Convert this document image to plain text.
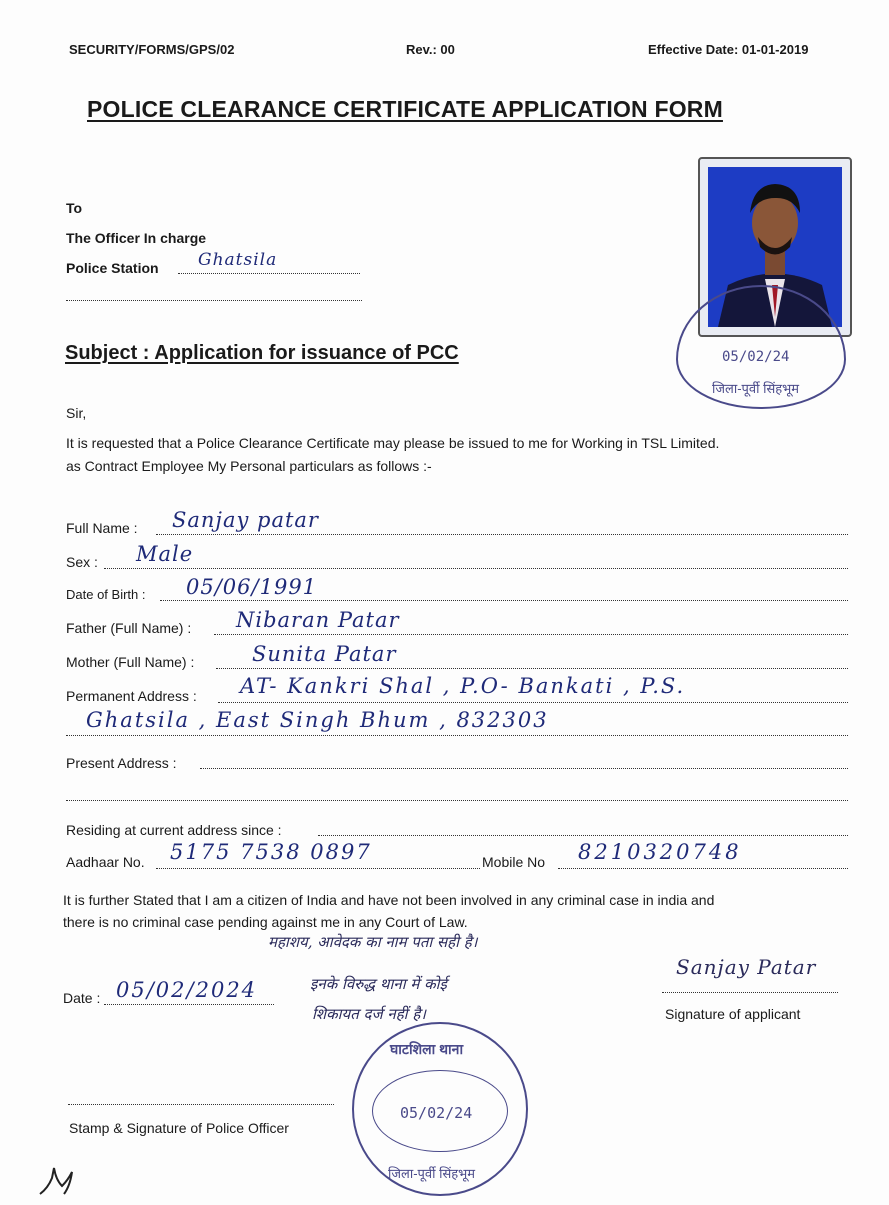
SECURITY/FORMS/GPS/02	Rev.: 00	Effective Date: 01-01-2019
POLICE CLEARANCE CERTIFICATE APPLICATION FORM
To
The Officer In charge
Police Station Ghatsila
05/02/24
जिला-पूर्वी सिंहभूम
Subject : Application for issuance of PCC
Sir,
It is requested that a Police Clearance Certificate may please be issued to me for Working in TSL Limited.
as Contract Employee My Personal particulars as follows :-
Full Name : Sanjay patar
Sex : Male
Date of Birth : 05/06/1991
Father (Full Name) : Nibaran Patar
Mother (Full Name) :	Sunita Patar
Permanent Address : AT- Kankri Shal , P.O- Bankati , P.S.
Ghatsila , East Singh Bhum , 832303
Present Address :
Residing at current address since :
Aadhaar No. 5175 7538 0897	Mobile No 8210320748
It is further Stated that I am a citizen of India and have not been involved in any criminal case in india and
there is no criminal case pending against me in any Court of Law.
महाशय, आवेदक का नाम पता सही है।
इनके विरुद्ध थाना में कोई
शिकायत दर्ज नहीं है।
Date : 05/02/2024
Sanjay Patar
Signature of applicant
घाटशिला थाना
05/02/24
जिला-पूर्वी सिंहभूम
Stamp & Signature of Police Officer
